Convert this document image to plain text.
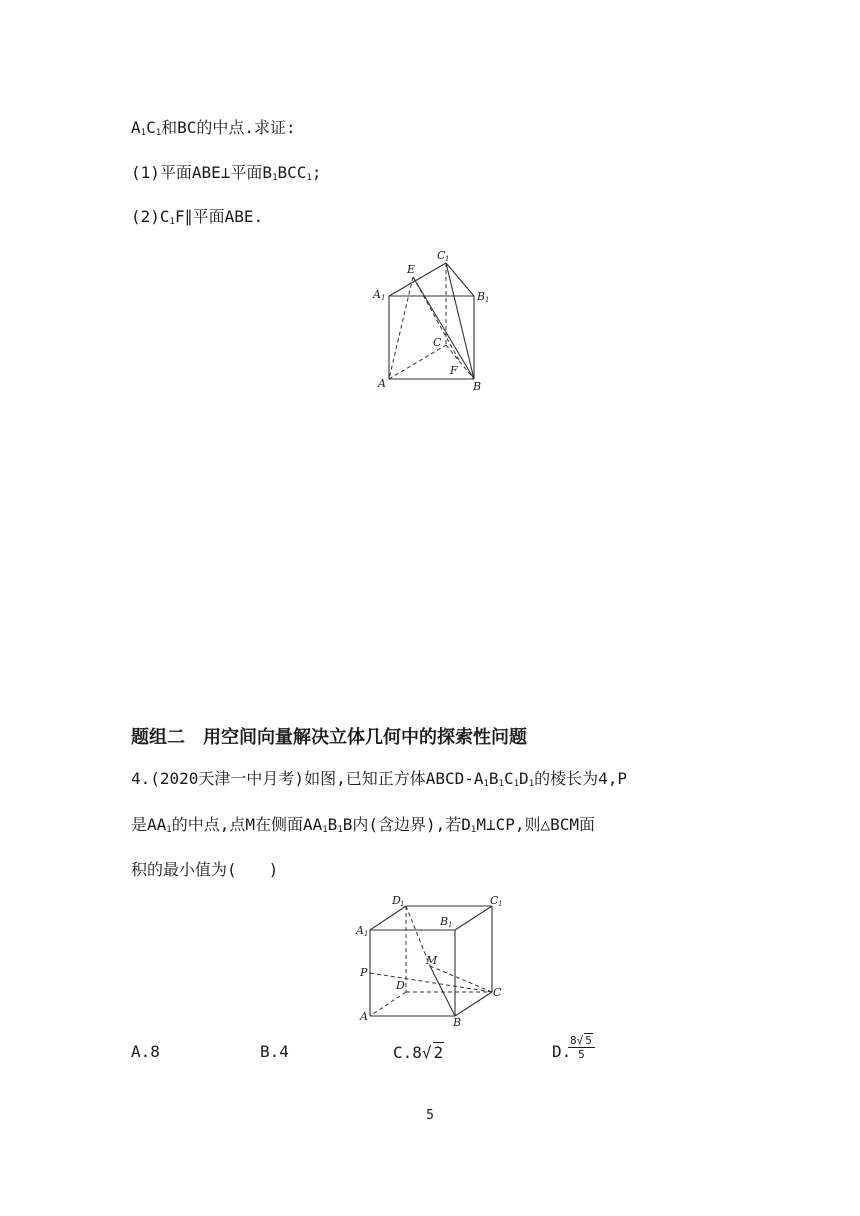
$A_1C_1$和BC的中点.求证:
(1)平面ABE⊥平面$B_1BCC_1$;
$(2)C_1F\parallel$平面ABE.
C 1
E
A 1	B 1
C
F
A	B
题组二　用空间向量解决立体几何中的探索性问题
4.(2020天津一中月考)如图,已知正方体ABCD-$A_1B_1C_1D_1$的棱长为4,P
是$AA_1$的中点,点M在侧面$AA_1B_1B$内(含边界),若$D_1M\perp CP$,则△BCM面
积的最小值为(　　)
D 1
B 1
C 1
A 1
M
P
D
C
A	B
A.8	B.4	C.8√ 2	D.
$\frac{8√ 5}{5}$
5
